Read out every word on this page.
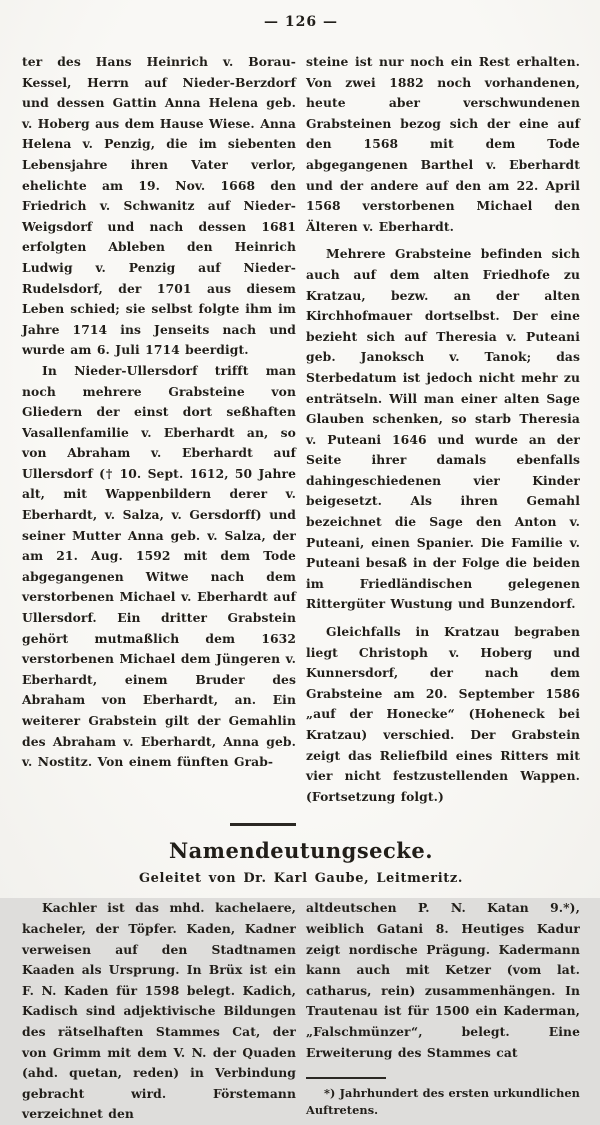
— 126 —

ter des Hans Heinrich v. Borau-Kessel, Herrn auf Nieder-Berzdorf und dessen Gattin Anna Helena geb. v. Hoberg aus dem Hause Wiese. Anna Helena v. Penzig, die im siebenten Lebensjahre ihren Vater verlor, ehelichte am 19. Nov. 1668 den Friedrich v. Schwanitz auf Nieder-Weigsdorf und nach dessen 1681 erfolgten Ableben den Heinrich Ludwig v. Penzig auf Nieder-Rudelsdorf, der 1701 aus diesem Leben schied; sie selbst folgte ihm im Jahre 1714 ins Jenseits nach und wurde am 6. Juli 1714 beerdigt.

In Nieder-Ullersdorf trifft man noch mehrere Grabsteine von Gliedern der einst dort seßhaften Vasallenfamilie v. Eberhardt an, so von Abraham v. Eberhardt auf Ullersdorf († 10. Sept. 1612, 50 Jahre alt, mit Wappenbildern derer v. Eberhardt, v. Salza, v. Gersdorff) und seiner Mutter Anna geb. v. Salza, der am 21. Aug. 1592 mit dem Tode abgegangenen Witwe nach dem verstorbenen Michael v. Eberhardt auf Ullersdorf. Ein dritter Grabstein gehört mutmaßlich dem 1632 verstorbenen Michael dem Jüngeren v. Eberhardt, einem Bruder des Abraham von Eberhardt, an. Ein weiterer Grabstein gilt der Gemahlin des Abraham v. Eberhardt, Anna geb. v. Nostitz. Von einem fünften Grab-

steine ist nur noch ein Rest erhalten. Von zwei 1882 noch vorhandenen, heute aber verschwundenen Grabsteinen bezog sich der eine auf den 1568 mit dem Tode abgegangenen Barthel v. Eberhardt und der andere auf den am 22. April 1568 verstorbenen Michael den Älteren v. Eberhardt.

Mehrere Grabsteine befinden sich auch auf dem alten Friedhofe zu Kratzau, bezw. an der alten Kirchhofmauer dortselbst. Der eine bezieht sich auf Theresia v. Puteani geb. Janoksch v. Tanok; das Sterbedatum ist jedoch nicht mehr zu enträtseln. Will man einer alten Sage Glauben schenken, so starb Theresia v. Puteani 1646 und wurde an der Seite ihrer damals ebenfalls dahingeschiedenen vier Kinder beigesetzt. Als ihren Gemahl bezeichnet die Sage den Anton v. Puteani, einen Spanier. Die Familie v. Puteani besaß in der Folge die beiden im Friedländischen gelegenen Rittergüter Wustung und Bunzendorf.

Gleichfalls in Kratzau begraben liegt Christoph v. Hoberg und Kunnersdorf, der nach dem Grabsteine am 20. September 1586 „auf der Honecke“ (Hoheneck bei Kratzau) verschied. Der Grabstein zeigt das Reliefbild eines Ritters mit vier nicht festzustellenden Wappen. (Fortsetzung folgt.)

Namendeutungsecke.

Geleitet von Dr. Karl Gaube, Leitmeritz.

Kachler ist das mhd. kachelaere, kacheler, der Töpfer. Kaden, Kadner verweisen auf den Stadtnamen Kaaden als Ursprung. In Brüx ist ein F. N. Kaden für 1598 belegt. Kadich, Kadisch sind adjektivische Bildungen des rätselhaften Stammes Cat, der von Grimm mit dem V. N. der Quaden (ahd. quetan, reden) in Verbindung gebracht wird. Förstemann verzeichnet den

altdeutschen P. N. Katan 9.*), weiblich Gatani 8. Heutiges Kadur zeigt nordische Prägung. Kadermann kann auch mit Ketzer (vom lat. catharus, rein) zusammenhängen. In Trautenau ist für 1500 ein Kaderman, „Falschmünzer“, belegt. Eine Erweiterung des Stammes cat

*) Jahrhundert des ersten urkundlichen Auftretens.
